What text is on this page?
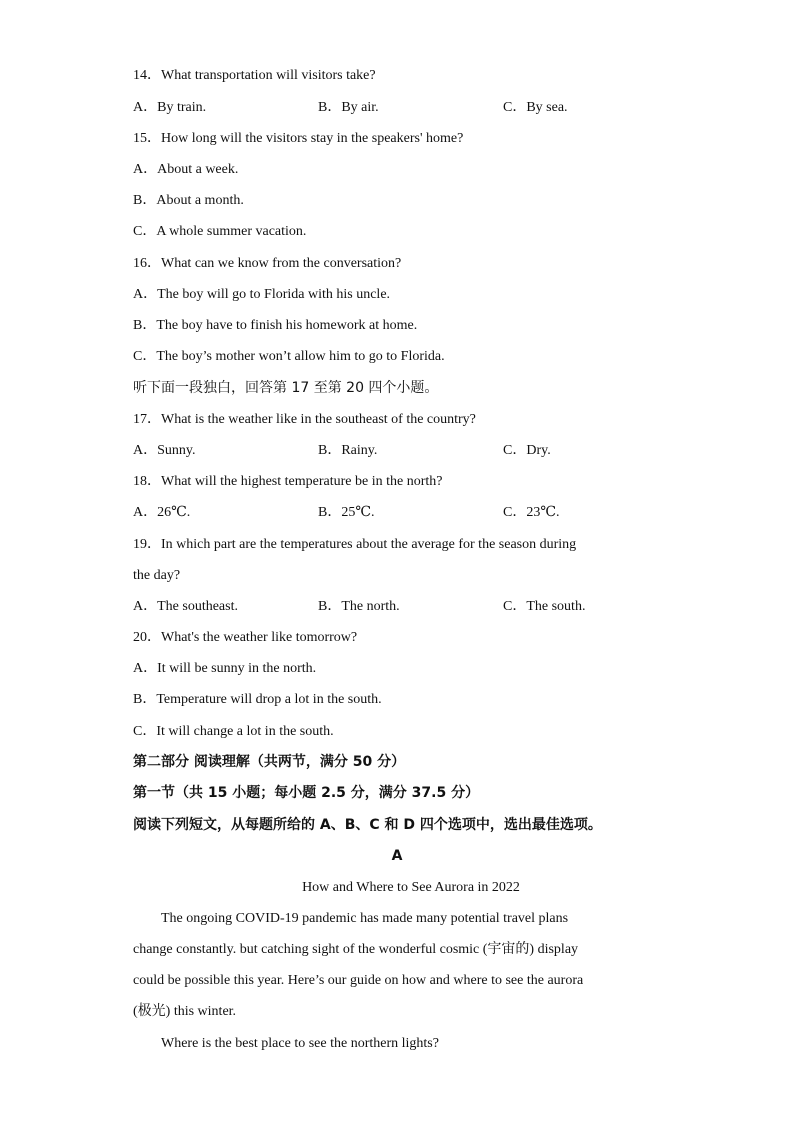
14．What transportation will visitors take?
A．By train.	B．By air.	C．By sea.
15．How long will the visitors stay in the speakers' home?
A．About a week.
B．About a month.
C．A whole summer vacation.
16．What can we know from the conversation?
A．The boy will go to Florida with his uncle.
B．The boy have to finish his homework at home.
C．The boy’s mother won’t allow him to go to Florida.
听下面一段独白，回答第 17 至第 20 四个小题。
17．What is the weather like in the southeast of the country?
A．Sunny.	B．Rainy.	C．Dry.
18．What will the highest temperature be in the north?
A．26℃.	B．25℃.	C．23℃.
19．In which part are the temperatures about the average for the season during
the day?
A．The southeast.	B．The north.	C．The south.
20．What's the weather like tomorrow?
A．It will be sunny in the north.
B．Temperature will drop a lot in the south.
C．It will change a lot in the south.
第二部分 阅读理解（共两节，满分 50 分）
第一节（共 15 小题；每小题 2.5 分，满分 37.5 分）
阅读下列短文，从每题所给的 A、B、C 和 D 四个选项中，选出最佳选项。
A
How and Where to See Aurora in 2022
The ongoing COVID-19 pandemic has made many potential travel plans
change constantly. but catching sight of the wonderful cosmic (宇宙的) display
could be possible this year. Here’s our guide on how and where to see the aurora
(极光) this winter.
Where is the best place to see the northern lights?
